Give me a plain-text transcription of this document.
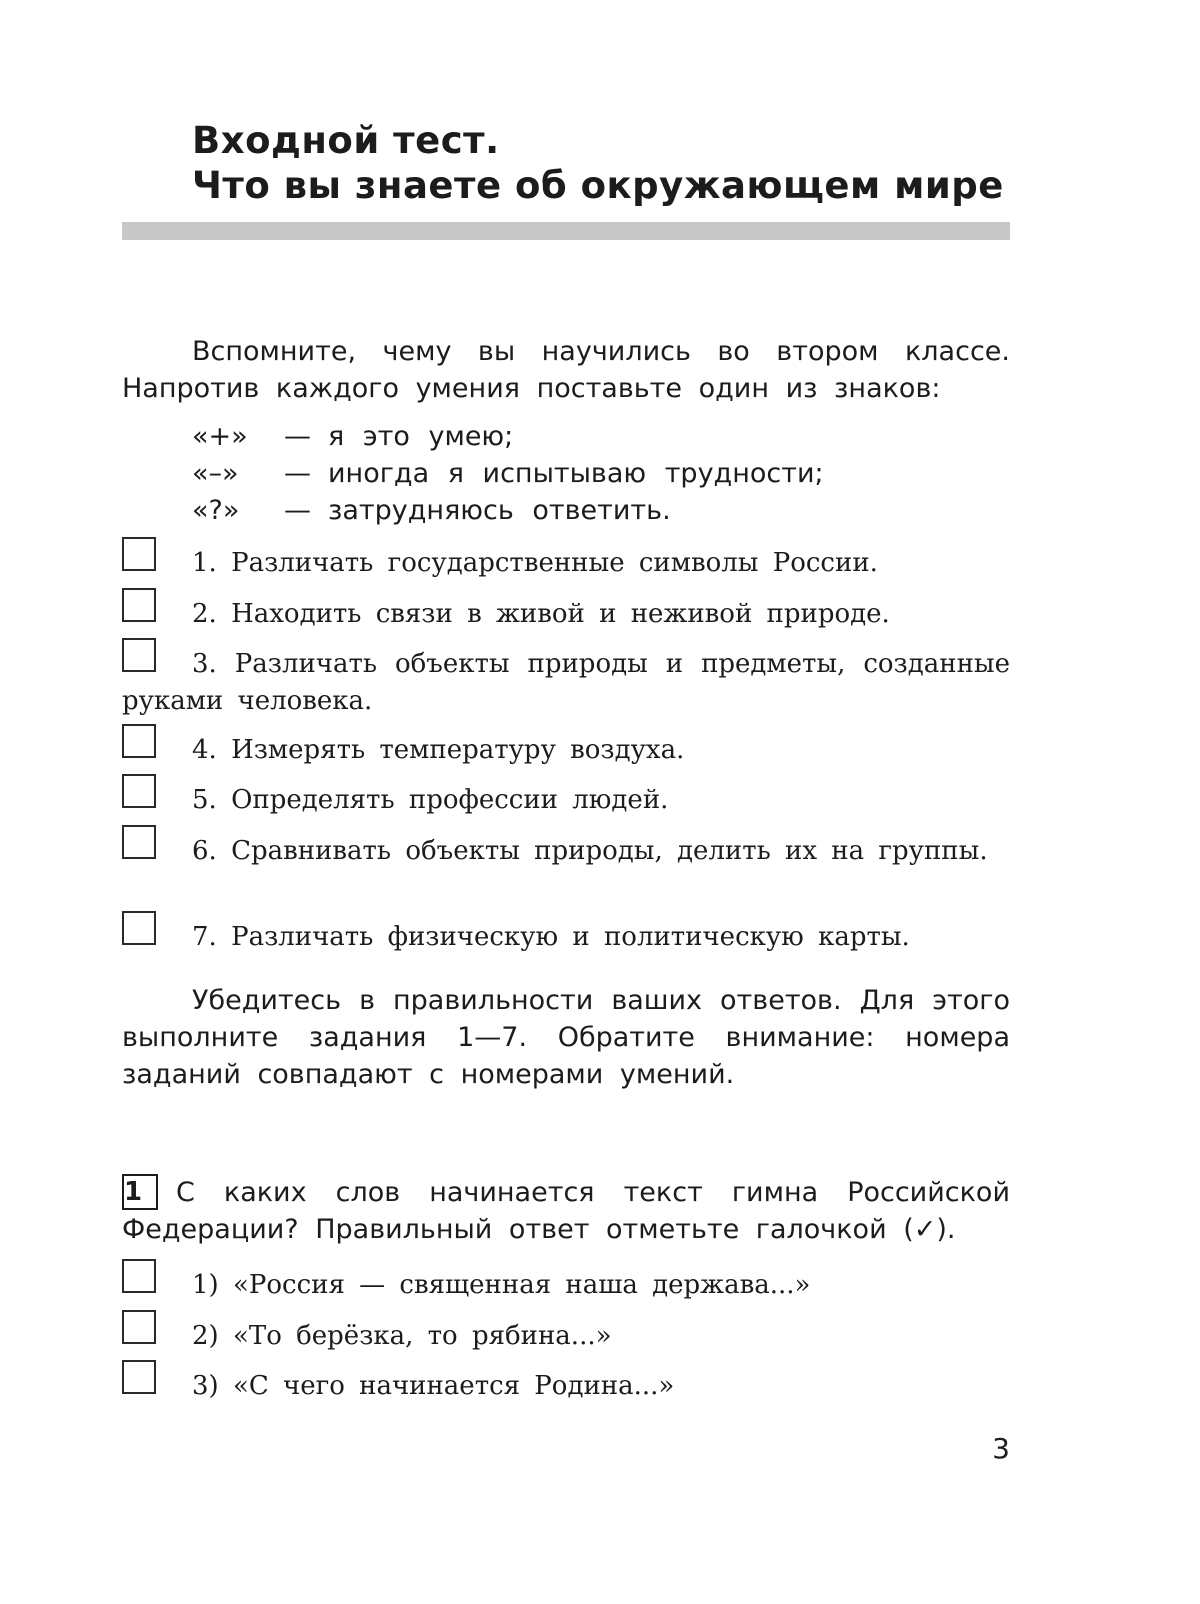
Входной тест.
Что вы знаете об окружающем мире

Вспомните, чему вы научились во втором классе. Напротив каждого умения поставьте один из знаков:

«+» — я это умею;
«–» — иногда я испытываю трудности;
«?» — затрудняюсь ответить.
1. Различать государственные символы России.
2. Находить связи в живой и неживой природе.
3. Различать объекты природы и предметы, созданные руками человека.
4. Измерять температуру воздуха.
5. Определять профессии людей.
6. Сравнивать объекты природы, делить их на группы.
7. Различать физическую и политическую карты.

Убедитесь в правильности ваших ответов. Для этого выполните задания 1—7. Обратите внимание: номера заданий совпадают с номерами умений.

1 С каких слов начинается текст гимна Российской Федерации? Правильный ответ отметьте галочкой (✓).
1) «Россия — священная наша держава...»
2) «То берёзка, то рябина...»
3) «С чего начинается Родина...»
3
